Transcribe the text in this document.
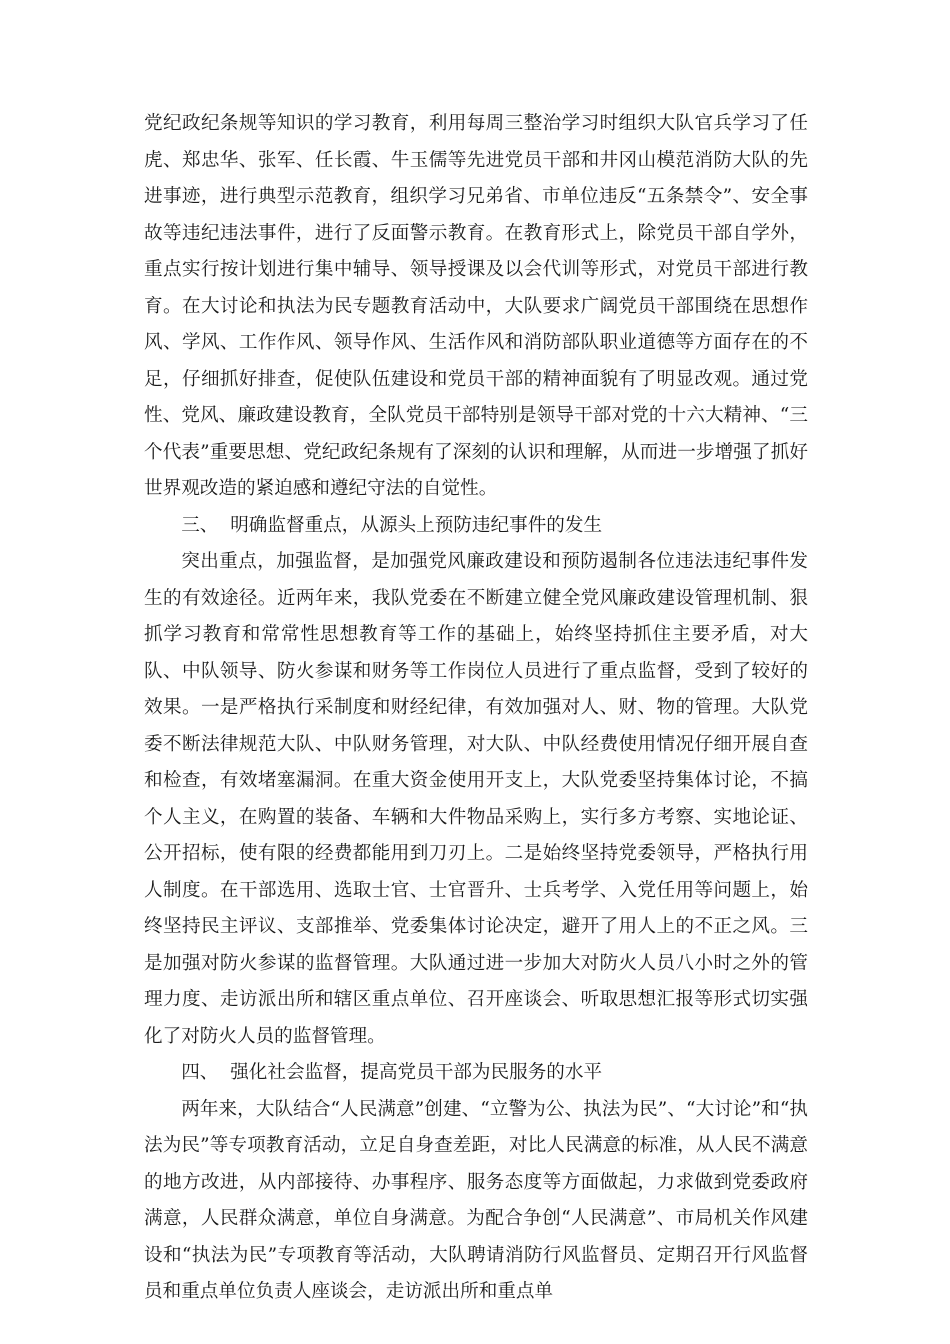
党纪政纪条规等知识的学习教育，利用每周三整治学习时组织大队官兵学习了任虎、郑忠华、张军、任长霞、牛玉儒等先进党员干部和井冈山模范消防大队的先进事迹，进行典型示范教育，组织学习兄弟省、市单位违反“五条禁令”、安全事故等违纪违法事件，进行了反面警示教育。在教育形式上，除党员干部自学外，重点实行按计划进行集中辅导、领导授课及以会代训等形式，对党员干部进行教育。在大讨论和执法为民专题教育活动中，大队要求广阔党员干部围绕在思想作风、学风、工作作风、领导作风、生活作风和消防部队职业道德等方面存在的不足，仔细抓好排查，促使队伍建设和党员干部的精神面貌有了明显改观。通过党性、党风、廉政建设教育，全队党员干部特别是领导干部对党的十六大精神、“三个代表”重要思想、党纪政纪条规有了深刻的认识和理解，从而进一步增强了抓好世界观改造的紧迫感和遵纪守法的自觉性。

三、  明确监督重点，从源头上预防违纪事件的发生

突出重点，加强监督，是加强党风廉政建设和预防遏制各位违法违纪事件发生的有效途径。近两年来，我队党委在不断建立健全党风廉政建设管理机制、狠抓学习教育和常常性思想教育等工作的基础上，始终坚持抓住主要矛盾，对大队、中队领导、防火参谋和财务等工作岗位人员进行了重点监督，受到了较好的效果。一是严格执行采制度和财经纪律，有效加强对人、财、物的管理。大队党委不断法律规范大队、中队财务管理，对大队、中队经费使用情况仔细开展自查和检查，有效堵塞漏洞。在重大资金使用开支上，大队党委坚持集体讨论，不搞个人主义，在购置的装备、车辆和大件物品采购上，实行多方考察、实地论证、公开招标，使有限的经费都能用到刀刃上。二是始终坚持党委领导，严格执行用人制度。在干部选用、选取士官、士官晋升、士兵考学、入党任用等问题上，始终坚持民主评议、支部推举、党委集体讨论决定，避开了用人上的不正之风。三是加强对防火参谋的监督管理。大队通过进一步加大对防火人员八小时之外的管理力度、走访派出所和辖区重点单位、召开座谈会、听取思想汇报等形式切实强化了对防火人员的监督管理。

四、  强化社会监督，提高党员干部为民服务的水平

两年来，大队结合“人民满意”创建、“立警为公、执法为民”、“大讨论”和“执法为民”等专项教育活动，立足自身查差距，对比人民满意的标准，从人民不满意的地方改进，从内部接待、办事程序、服务态度等方面做起，力求做到党委政府满意，人民群众满意，单位自身满意。为配合争创“人民满意”、市局机关作风建设和“执法为民”专项教育等活动，大队聘请消防行风监督员、定期召开行风监督员和重点单位负责人座谈会，走访派出所和重点单
